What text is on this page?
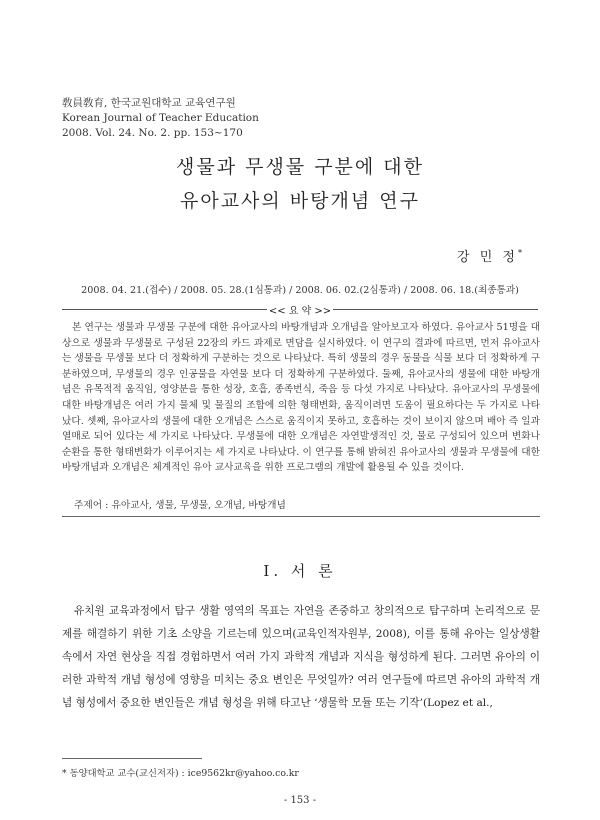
敎員敎育, 한국교원대학교 교육연구원
Korean Journal of Teacher Education
2008. Vol. 24. No. 2. pp. 153~170
생물과 무생물 구분에 대한
유아교사의 바탕개념 연구
강 민 정*
2008. 04. 21.(접수) / 2008. 05. 28.(1심통과) / 2008. 06. 02.(2심통과) / 2008. 06. 18.(최종통과)
<< 요 약 >>

본 연구는 생물과 무생물 구분에 대한 유아교사의 바탕개념과 오개념을 알아보고자 하였다. 유아교사 51명을 대상으로 생물과 무생물로 구성된 22장의 카드 과제로 면담을 실시하였다. 이 연구의 결과에 따르면, 먼저 유아교사는 생물을 무생물 보다 더 정확하게 구분하는 것으로 나타났다. 특히 생물의 경우 동물을 식물 보다 더 정확하게 구분하였으며, 무생물의 경우 인공물을 자연물 보다 더 정확하게 구분하였다. 둘째, 유아교사의 생물에 대한 바탕개념은 유목적적 움직임, 영양분을 통한 성장, 호흡, 종족번식, 죽음 등 다섯 가지로 나타났다. 유아교사의 무생물에 대한 바탕개념은 여러 가지 물체 및 물질의 조합에 의한 형태변화, 움직이려면 도움이 필요하다는 두 가지로 나타났다. 셋째, 유아교사의 생물에 대한 오개념은 스스로 움직이지 못하고, 호흡하는 것이 보이지 않으며 배아 즉 일과 열매로 되어 있다는 세 가지로 나타났다. 무생물에 대한 오개념은 자연발생적인 것, 물로 구성되어 있으며 변화나 순환을 통한 형태변화가 이루어지는 세 가지로 나타났다. 이 연구를 통해 밝혀진 유아교사의 생물과 무생물에 대한 바탕개념과 오개념은 체계적인 유아 교사교육을 위한 프로그램의 개발에 활용될 수 있을 것이다.

주제어 : 유아교사, 생물, 무생물, 오개념, 바탕개념
Ⅰ. 서 론

유치원 교육과정에서 탐구 생활 영역의 목표는 자연을 존중하고 창의적으로 탐구하며 논리적으로 문제를 해결하기 위한 기초 소양을 기르는데 있으며(교육인적자원부, 2008), 이를 통해 유아는 일상생활 속에서 자연 현상을 직접 경험하면서 여러 가지 과학적 개념과 지식을 형성하게 된다. 그러면 유아의 이러한 과학적 개념 형성에 영향을 미치는 중요 변인은 무엇일까? 여러 연구들에 따르면 유아의 과학적 개념 형성에서 중요한 변인들은 개념 형성을 위해 타고난 ‘생물학 모듈 또는 기작’(Lopez et al.,

* 동양대학교 교수(교신저자) : ice9562kr@yahoo.co.kr
- 153 -
